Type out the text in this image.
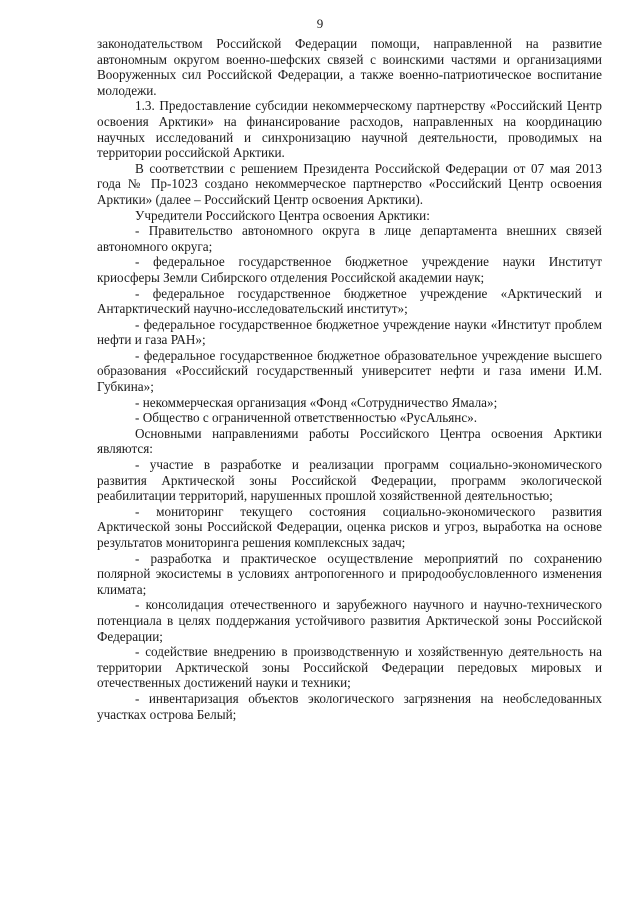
9

законодательством Российской Федерации помощи, направленной на развитие автономным округом военно-шефских связей с воинскими частями и организациями Вооруженных сил Российской Федерации, а также военно-патриотическое воспитание молодежи.

1.3. Предоставление субсидии некоммерческому партнерству «Российский Центр освоения Арктики» на финансирование расходов, направленных на координацию научных исследований и синхронизацию научной деятельности, проводимых на территории российской Арктики.

В соответствии с решением Президента Российской Федерации от 07 мая 2013 года № Пр-1023 создано некоммерческое партнерство «Российский Центр освоения Арктики» (далее – Российский Центр освоения Арктики).

Учредители Российского Центра освоения Арктики:

- Правительство автономного округа в лице департамента внешних связей автономного округа;

- федеральное государственное бюджетное учреждение науки Институт криосферы Земли Сибирского отделения Российской академии наук;

- федеральное государственное бюджетное учреждение «Арктический и Антарктический научно-исследовательский институт»;

- федеральное государственное бюджетное учреждение науки «Институт проблем нефти и газа РАН»;

- федеральное государственное бюджетное образовательное учреждение высшего образования «Российский государственный университет нефти и газа имени И.М. Губкина»;

- некоммерческая организация «Фонд «Сотрудничество Ямала»;

- Общество с ограниченной ответственностью «РусАльянс».

Основными направлениями работы Российского Центра освоения Арктики являются:

- участие в разработке и реализации программ социально-экономического развития Арктической зоны Российской Федерации, программ экологической реабилитации территорий, нарушенных прошлой хозяйственной деятельностью;

- мониторинг текущего состояния социально-экономического развития Арктической зоны Российской Федерации, оценка рисков и угроз, выработка на основе результатов мониторинга решения комплексных задач;

- разработка и практическое осуществление мероприятий по сохранению полярной экосистемы в условиях антропогенного и природообусловленного изменения климата;

- консолидация отечественного и зарубежного научного и научно-технического потенциала в целях поддержания устойчивого развития Арктической зоны Российской Федерации;

- содействие внедрению в производственную и хозяйственную деятельность на территории Арктической зоны Российской Федерации передовых мировых и отечественных достижений науки и техники;

- инвентаризация объектов экологического загрязнения на необследованных участках острова Белый;
